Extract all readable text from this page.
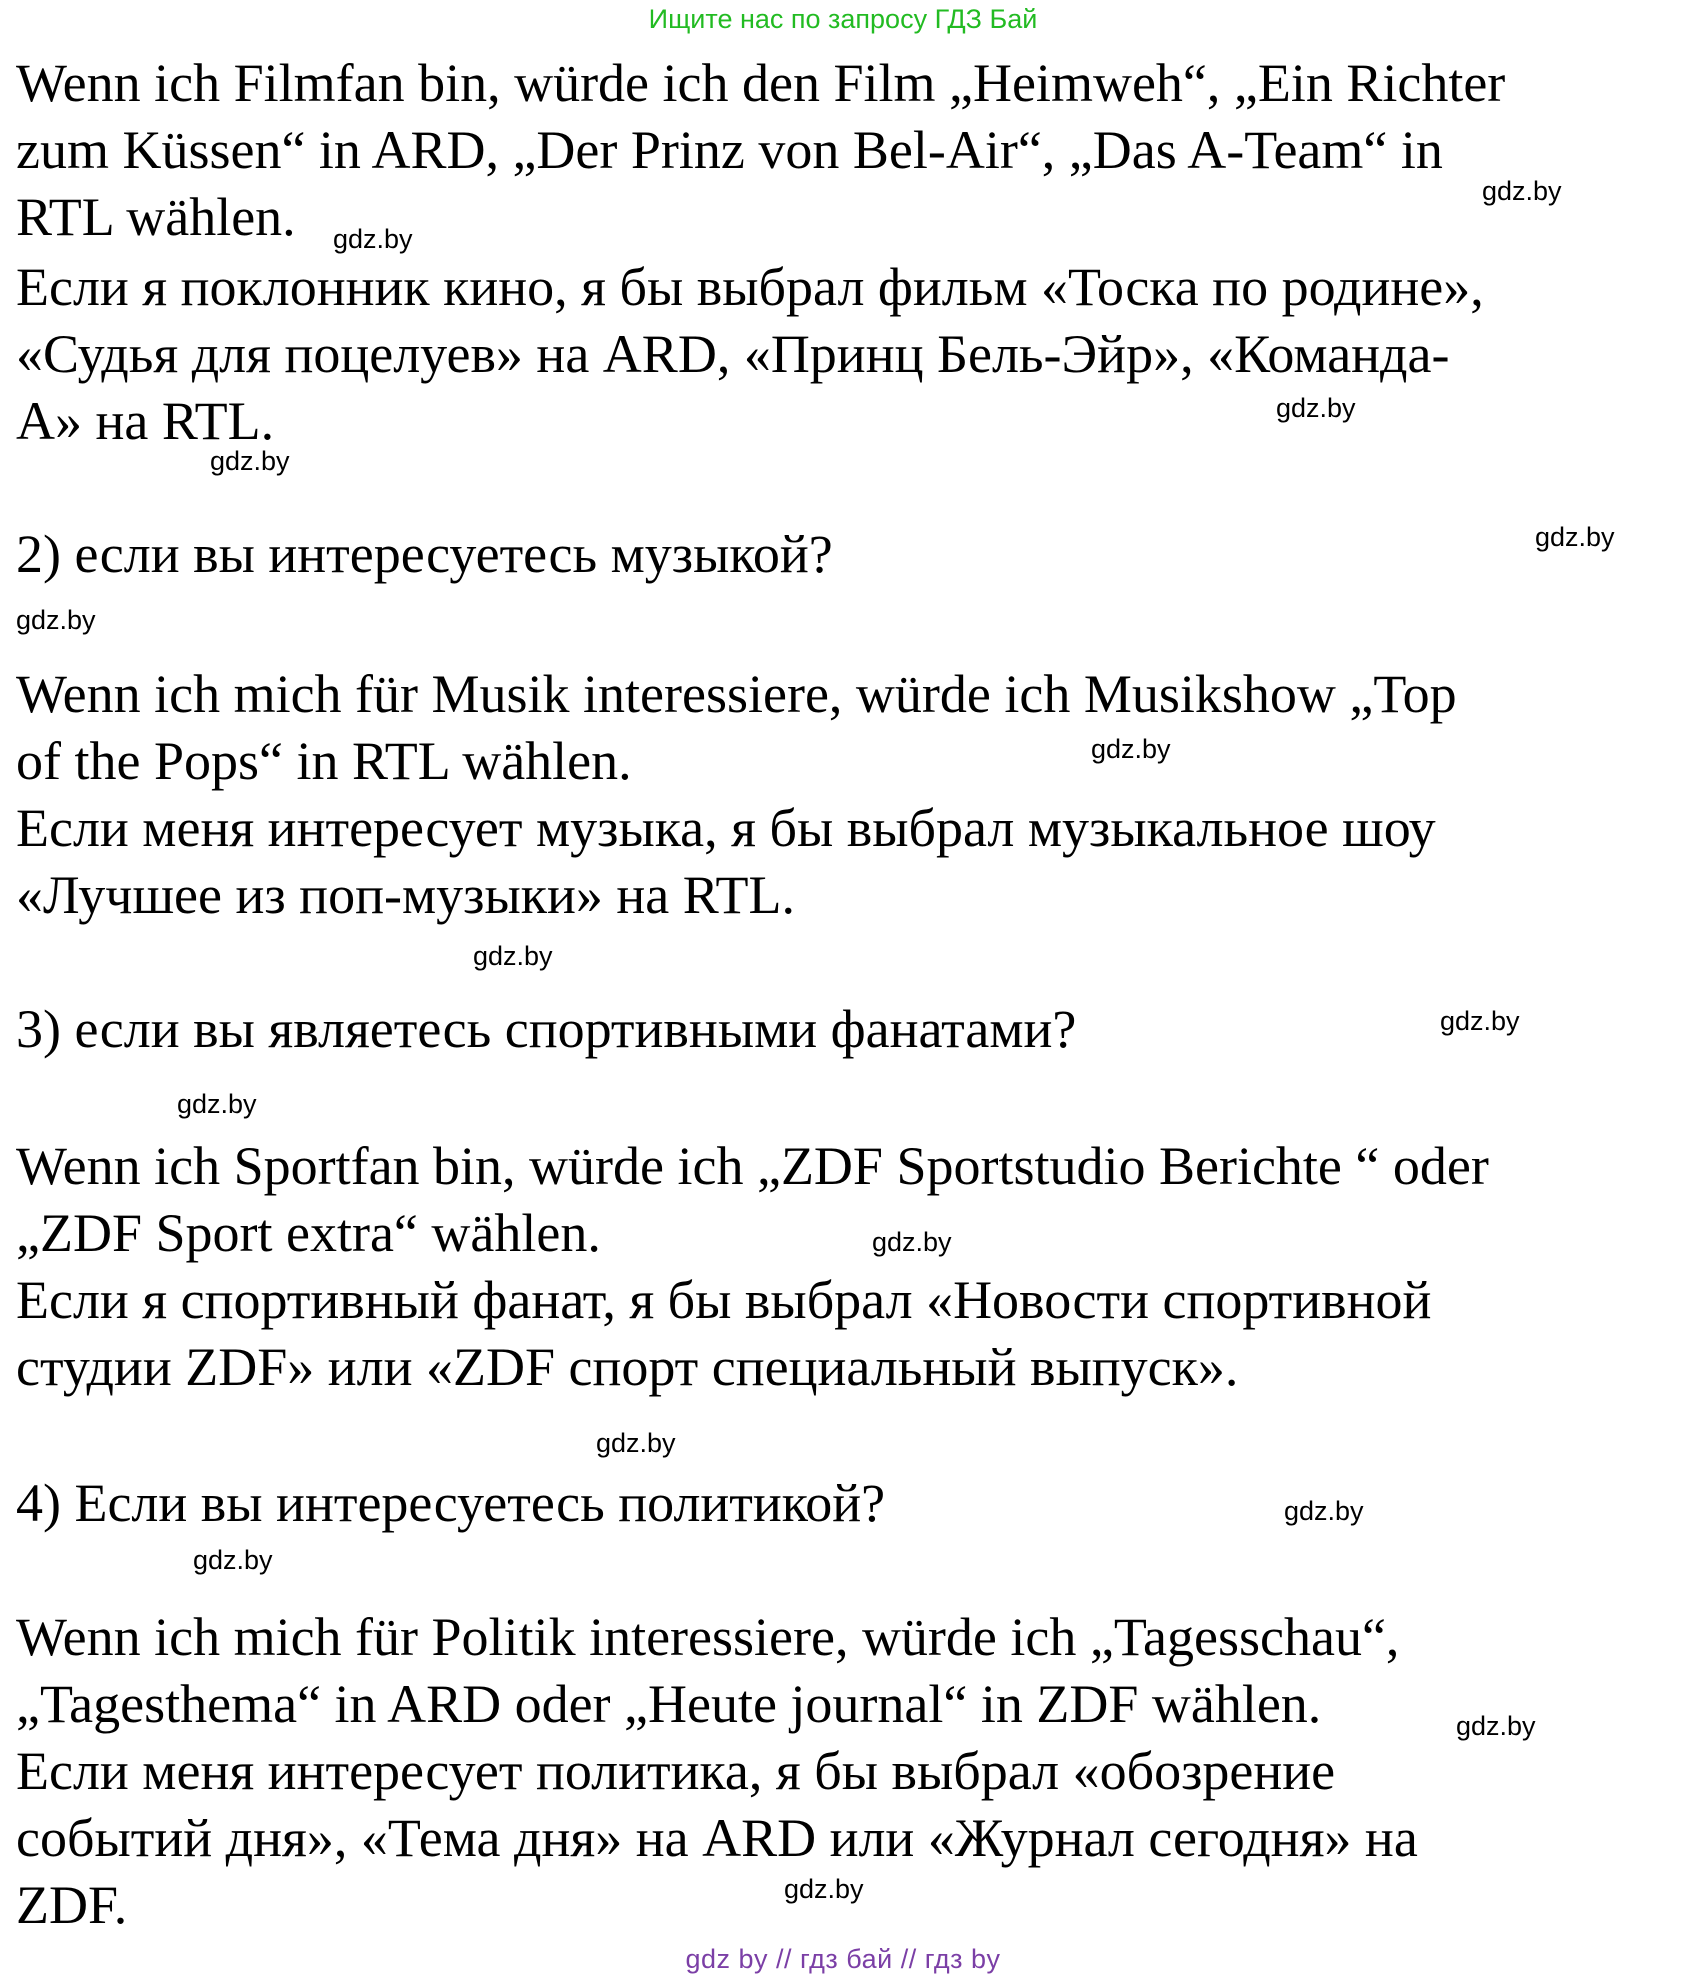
Ищите нас по запросу ГДЗ Бай
Wenn ich Filmfan bin, würde ich den Film „Heimweh“, „Ein Richter
zum Küssen“ in ARD, „Der Prinz von Bel-Air“, „Das A-Team“ in
RTL wählen.
Если я поклонник кино, я бы выбрал фильм «Тоска по родине»,
«Судья для поцелуев» на ARD, «Принц Бель-Эйр», «Команда-
А» на RTL.
2) если вы интересуетесь музыкой?
Wenn ich mich für Musik interessiere, würde ich Musikshow „Top
of the Pops“ in RTL wählen.
Если меня интересует музыка, я бы выбрал музыкальное шоу
«Лучшее из поп-музыки» на RTL.
3) если вы являетесь спортивными фанатами?
Wenn ich Sportfan bin, würde ich „ZDF Sportstudio Berichte “ oder
„ZDF Sport extra“ wählen.
Если я спортивный фанат, я бы выбрал «Новости спортивной
студии ZDF» или «ZDF спорт специальный выпуск».
4) Если вы интересуетесь политикой?
Wenn ich mich für Politik interessiere, würde ich „Tagesschau“,
„Tagesthema“ in ARD oder „Heute journal“ in ZDF wählen.
Если меня интересует политика, я бы выбрал «обозрение
событий дня», «Тема дня» на ARD или «Журнал сегодня» на
ZDF.
gdz.by
gdz.by
gdz.by
gdz.by
gdz.by
gdz.by
gdz.by
gdz.by
gdz.by
gdz.by
gdz.by
gdz.by
gdz.by
gdz.by
gdz.by
gdz.by
gdz by // гдз бай // гдз by
